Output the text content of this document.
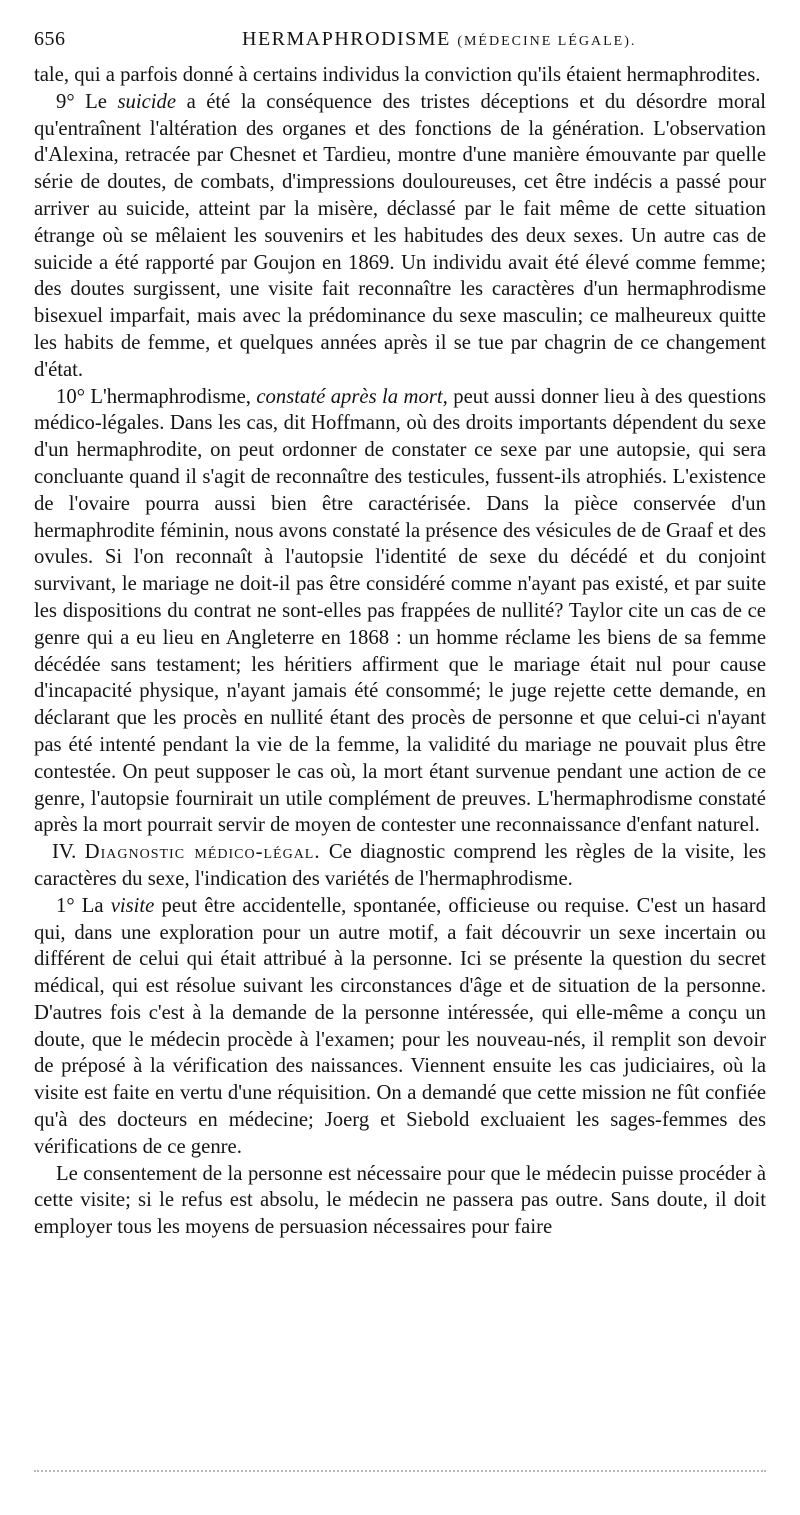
656	HERMAPHRODISME (MÉDECINE LÉGALE).

tale, qui a parfois donné à certains individus la conviction qu'ils étaient hermaphrodites.

9° Le suicide a été la conséquence des tristes déceptions et du désordre moral qu'entraînent l'altération des organes et des fonctions de la génération. L'observation d'Alexina, retracée par Chesnet et Tardieu, montre d'une manière émouvante par quelle série de doutes, de combats, d'impressions douloureuses, cet être indécis a passé pour arriver au suicide, atteint par la misère, déclassé par le fait même de cette situation étrange où se mêlaient les souvenirs et les habitudes des deux sexes. Un autre cas de suicide a été rapporté par Goujon en 1869. Un individu avait été élevé comme femme; des doutes surgissent, une visite fait reconnaître les caractères d'un hermaphrodisme bisexuel imparfait, mais avec la prédominance du sexe masculin; ce malheureux quitte les habits de femme, et quelques années après il se tue par chagrin de ce changement d'état.

10° L'hermaphrodisme, constaté après la mort, peut aussi donner lieu à des questions médico-légales. Dans les cas, dit Hoffmann, où des droits importants dépendent du sexe d'un hermaphrodite, on peut ordonner de constater ce sexe par une autopsie, qui sera concluante quand il s'agit de reconnaître des testicules, fussent-ils atrophiés. L'existence de l'ovaire pourra aussi bien être caractérisée. Dans la pièce conservée d'un hermaphrodite féminin, nous avons constaté la présence des vésicules de de Graaf et des ovules. Si l'on reconnaît à l'autopsie l'identité de sexe du décédé et du conjoint survivant, le mariage ne doit-il pas être considéré comme n'ayant pas existé, et par suite les dispositions du contrat ne sont-elles pas frappées de nullité? Taylor cite un cas de ce genre qui a eu lieu en Angleterre en 1868 : un homme réclame les biens de sa femme décédée sans testament; les héritiers affirment que le mariage était nul pour cause d'incapacité physique, n'ayant jamais été consommé; le juge rejette cette demande, en déclarant que les procès en nullité étant des procès de personne et que celui-ci n'ayant pas été intenté pendant la vie de la femme, la validité du mariage ne pouvait plus être contestée. On peut supposer le cas où, la mort étant survenue pendant une action de ce genre, l'autopsie fournirait un utile complément de preuves. L'hermaphrodisme constaté après la mort pourrait servir de moyen de contester une reconnaissance d'enfant naturel.

IV. Diagnostic médico-légal. Ce diagnostic comprend les règles de la visite, les caractères du sexe, l'indication des variétés de l'hermaphrodisme.

1° La visite peut être accidentelle, spontanée, officieuse ou requise. C'est un hasard qui, dans une exploration pour un autre motif, a fait découvrir un sexe incertain ou différent de celui qui était attribué à la personne. Ici se présente la question du secret médical, qui est résolue suivant les circonstances d'âge et de situation de la personne. D'autres fois c'est à la demande de la personne intéressée, qui elle-même a conçu un doute, que le médecin procède à l'examen; pour les nouveau-nés, il remplit son devoir de préposé à la vérification des naissances. Viennent ensuite les cas judiciaires, où la visite est faite en vertu d'une réquisition. On a demandé que cette mission ne fût confiée qu'à des docteurs en médecine; Joerg et Siebold excluaient les sages-femmes des vérifications de ce genre.

Le consentement de la personne est nécessaire pour que le médecin puisse procéder à cette visite; si le refus est absolu, le médecin ne passera pas outre. Sans doute, il doit employer tous les moyens de persuasion nécessaires pour faire
